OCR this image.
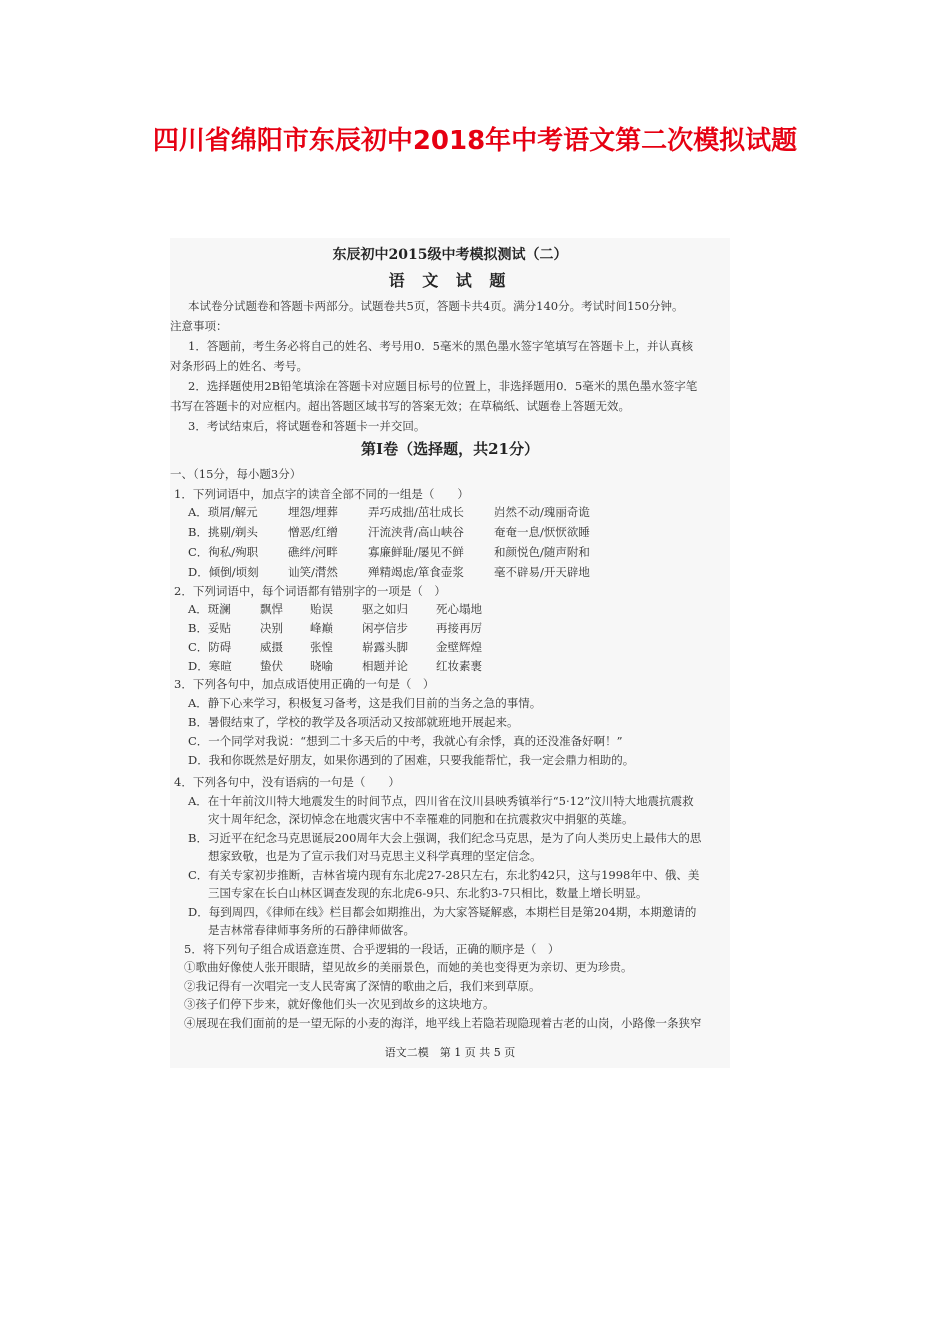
四川省绵阳市东辰初中2018年中考语文第二次模拟试题
东辰初中2015级中考模拟测试（二）
语 文 试 题
本试卷分试题卷和答题卡两部分。试题卷共5页，答题卡共4页。满分140分。考试时间150分钟。
注意事项：
1．答题前，考生务必将自己的姓名、考号用0．5毫米的黑色墨水签字笔填写在答题卡上，并认真核
对条形码上的姓名、考号。
2．选择题使用2B铅笔填涂在答题卡对应题目标号的位置上，非选择题用0．5毫米的黑色墨水签字笔
书写在答题卡的对应框内。超出答题区域书写的答案无效；在草稿纸、试题卷上答题无效。
3．考试结束后，将试题卷和答题卡一并交回。
第Ⅰ卷（选择题，共21分）
一、（15分，每小题3分）
1．下列词语中，加点字的读音全部不同的一组是（　　）
A．琐屑/解元	埋怨/埋葬	弄巧成拙/茁壮成长	岿然不动/瑰丽奇诡
B．挑剔/剃头	憎恶/红缯	汗流浃背/高山峡谷	奄奄一息/恹恹欲睡
C．徇私/殉职	礁绊/河畔	寡廉鲜耻/屡见不鲜	和颜悦色/随声附和
D．倾倒/顷刻	讪笑/潸然	殚精竭虑/箪食壶浆	毫不辟易/开天辟地
2．下列词语中，每个词语都有错别字的一项是（　）
A．斑澜	飘悍 贻误	驱之如归 死心塌地
B．妥贴	决别 峰巅	闲亭信步 再接再厉
C．防碍 威摄 张惶	崭露头脚 金壁辉煌
D．寒暄 蛰伏 晓喻	相题并论 红妆素裹
3．下列各句中，加点成语使用正确的一句是（　）
A．静下心来学习，积极复习备考，这是我们目前的当务之急的事情。
B．暑假结束了，学校的教学及各项活动又按部就班地开展起来。
C．一个同学对我说：“想到二十多天后的中考，我就心有余悸，真的还没准备好啊！”
D．我和你既然是好朋友，如果你遇到的了困难，只要我能帮忙，我一定会鼎力相助的。
4．下列各句中，没有语病的一句是（　　）
A．在十年前汶川特大地震发生的时间节点，四川省在汶川县映秀镇举行“5·12”汶川特大地震抗震救
灾十周年纪念，深切悼念在地震灾害中不幸罹难的同胞和在抗震救灾中捐躯的英雄。
B．习近平在纪念马克思诞辰200周年大会上强调，我们纪念马克思，是为了向人类历史上最伟大的思
想家致敬，也是为了宣示我们对马克思主义科学真理的坚定信念。
C．有关专家初步推断，吉林省境内现有东北虎27-28只左右，东北豹42只，这与1998年中、俄、美
三国专家在长白山林区调查发现的东北虎6-9只、东北豹3-7只相比，数量上增长明显。
D．每到周四，《律师在线》栏目都会如期推出，为大家答疑解惑，本期栏目是第204期，本期邀请的
是吉林常春律师事务所的石静律师做客。
5．将下列句子组合成语意连贯、合乎逻辑的一段话，正确的顺序是（　）
①歌曲好像使人张开眼睛，望见故乡的美丽景色，而她的美也变得更为亲切、更为珍贵。
②我记得有一次唱完一支人民寄寓了深情的歌曲之后，我们来到草原。
③孩子们停下步来，就好像他们头一次见到故乡的这块地方。
④展现在我们面前的是一望无际的小麦的海洋，地平线上若隐若现隐现着古老的山岗，小路像一条狭窄
语文二模　第 1 页 共 5 页
